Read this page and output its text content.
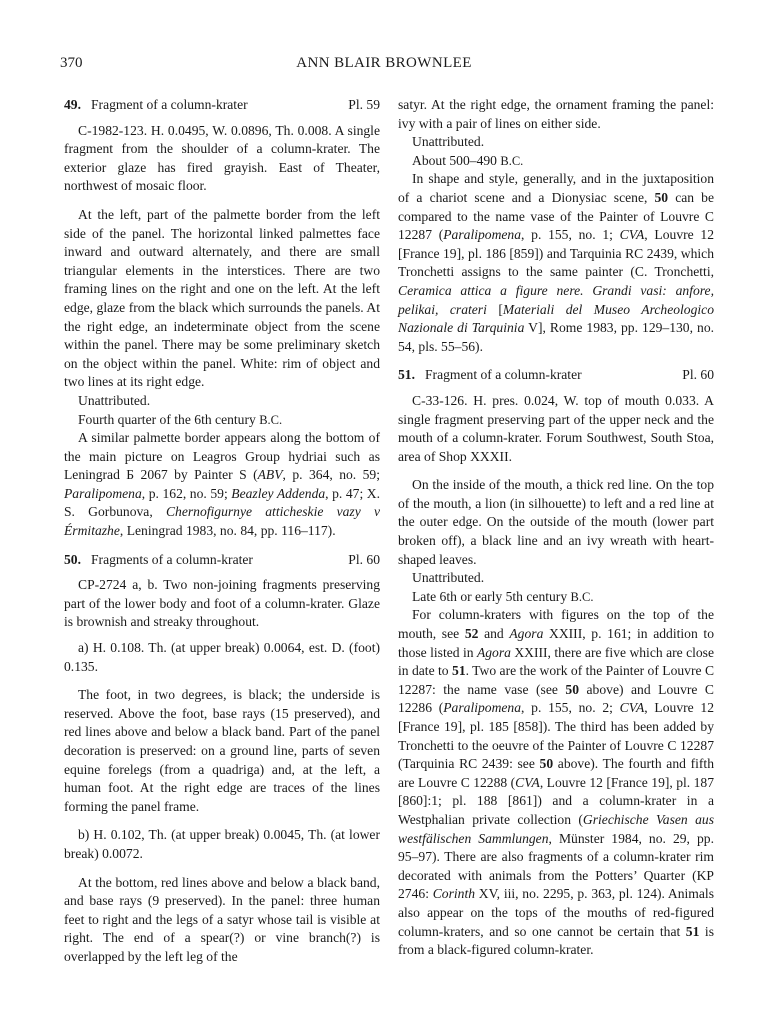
370	ANN BLAIR BROWNLEE
49. Fragment of a column-krater	Pl. 59

C-1982-123. H. 0.0495, W. 0.0896, Th. 0.008. A single fragment from the shoulder of a column-krater. The exterior glaze has fired grayish. East of Theater, northwest of mosaic floor.

At the left, part of the palmette border from the left side of the panel. The horizontal linked palmettes face inward and outward alternately, and there are small triangular elements in the interstices. There are two framing lines on the right and one on the left. At the left edge, glaze from the black which surrounds the panels. At the right edge, an indeterminate object from the scene within the panel. There may be some preliminary sketch on the object within the panel. White: rim of object and two lines at its right edge.

Unattributed.

Fourth quarter of the 6th century B.C.

A similar palmette border appears along the bottom of the main picture on Leagros Group hydriai such as Leningrad Б 2067 by Painter S (ABV, p. 364, no. 59; Paralipomena, p. 162, no. 59; Beazley Addenda, p. 47; X. S. Gorbunova, Chernofigurnye atticheskie vazy v Érmitazhe, Leningrad 1983, no. 84, pp. 116–117).

50. Fragments of a column-krater	Pl. 60

CP-2724 a, b. Two non-joining fragments preserving part of the lower body and foot of a column-krater. Glaze is brownish and streaky throughout.

a) H. 0.108. Th. (at upper break) 0.0064, est. D. (foot) 0.135.

The foot, in two degrees, is black; the underside is reserved. Above the foot, base rays (15 preserved), and red lines above and below a black band. Part of the panel decoration is preserved: on a ground line, parts of seven equine forelegs (from a quadriga) and, at the left, a human foot. At the right edge are traces of the lines forming the panel frame.

b) H. 0.102, Th. (at upper break) 0.0045, Th. (at lower break) 0.0072.

At the bottom, red lines above and below a black band, and base rays (9 preserved). In the panel: three human feet to right and the legs of a satyr whose tail is visible at right. The end of a spear(?) or vine branch(?) is overlapped by the left leg of the

satyr. At the right edge, the ornament framing the panel: ivy with a pair of lines on either side.

Unattributed.

About 500–490 B.C.

In shape and style, generally, and in the juxtaposition of a chariot scene and a Dionysiac scene, 50 can be compared to the name vase of the Painter of Louvre C 12287 (Paralipomena, p. 155, no. 1; CVA, Louvre 12 [France 19], pl. 186 [859]) and Tarquinia RC 2439, which Tronchetti assigns to the same painter (C. Tronchetti, Ceramica attica a figure nere. Grandi vasi: anfore, pelikai, crateri [Materiali del Museo Archeologico Nazionale di Tarquinia V], Rome 1983, pp. 129–130, no. 54, pls. 55–56).

51. Fragment of a column-krater	Pl. 60

C-33-126. H. pres. 0.024, W. top of mouth 0.033. A single fragment preserving part of the upper neck and the mouth of a column-krater. Forum Southwest, South Stoa, area of Shop XXXII.

On the inside of the mouth, a thick red line. On the top of the mouth, a lion (in silhouette) to left and a red line at the outer edge. On the outside of the mouth (lower part broken off), a black line and an ivy wreath with heart-shaped leaves.

Unattributed.

Late 6th or early 5th century B.C.

For column-kraters with figures on the top of the mouth, see 52 and Agora XXIII, p. 161; in addition to those listed in Agora XXIII, there are five which are close in date to 51. Two are the work of the Painter of Louvre C 12287: the name vase (see 50 above) and Louvre C 12286 (Paralipomena, p. 155, no. 2; CVA, Louvre 12 [France 19], pl. 185 [858]). The third has been added by Tronchetti to the oeuvre of the Painter of Louvre C 12287 (Tarquinia RC 2439: see 50 above). The fourth and fifth are Louvre C 12288 (CVA, Louvre 12 [France 19], pl. 187 [860]:1; pl. 188 [861]) and a column-krater in a Westphalian private collection (Griechische Vasen aus westfälischen Sammlungen, Münster 1984, no. 29, pp. 95–97). There are also fragments of a column-krater rim decorated with animals from the Potters’ Quarter (KP 2746: Corinth XV, iii, no. 2295, p. 363, pl. 124). Animals also appear on the tops of the mouths of red-figured column-kraters, and so one cannot be certain that 51 is from a black-figured column-krater.
